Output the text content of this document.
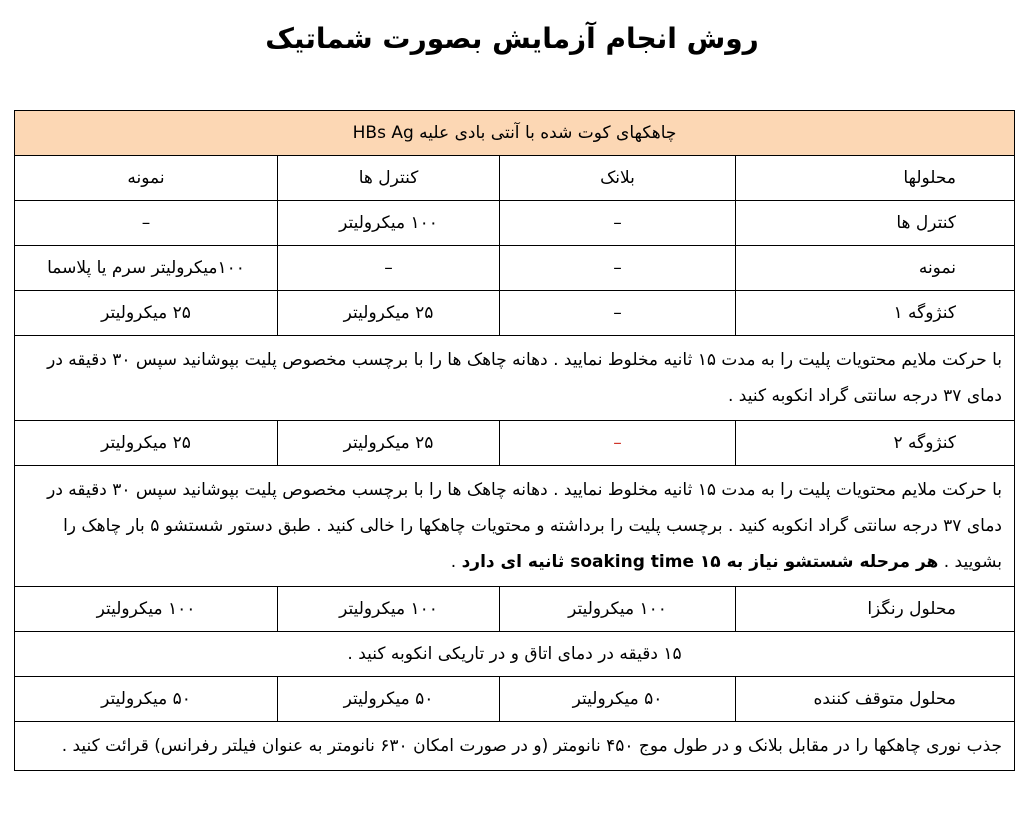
روش انجام آزمایش بصورت شماتیک
چاهکهای کوت شده با آنتی بادی علیه HBs Ag			
محلولها	بلانک	کنترل ها	نمونه
کنترل ها	–	۱۰۰ میکرولیتر	–
نمونه	–	–	۱۰۰میکرولیتر سرم یا پلاسما
کنژوگه ۱	–	۲۵ میکرولیتر	۲۵ میکرولیتر
با حرکت ملایم محتویات پلیت را به مدت ۱۵ ثانیه مخلوط نمایید . دهانه چاهک ها را با برچسب مخصوص پلیت بپوشانید سپس ۳۰ دقیقه در دمای ۳۷ درجه سانتی گراد انکوبه کنید .			
کنژوگه ۲	–	۲۵ میکرولیتر	۲۵ میکرولیتر
با حرکت ملایم محتویات پلیت را به مدت ۱۵ ثانیه مخلوط نمایید . دهانه چاهک ها را با برچسب مخصوص پلیت بپوشانید سپس ۳۰ دقیقه در دمای ۳۷ درجه سانتی گراد انکوبه کنید . برچسب پلیت را برداشته و محتویات چاهکها را خالی کنید . طبق دستور شستشو ۵ بار چاهک را بشویید . هر مرحله شستشو نیاز به soaking time ۱۵ ثانیه ای دارد .			
محلول رنگزا	۱۰۰ میکرولیتر	۱۰۰ میکرولیتر	۱۰۰ میکرولیتر
۱۵ دقیقه در دمای اتاق و در تاریکی انکوبه کنید .			
محلول متوقف کننده	۵۰ میکرولیتر	۵۰ میکرولیتر	۵۰ میکرولیتر
جذب نوری چاهکها را در مقابل بلانک و در طول موج ۴۵۰ نانومتر (و در صورت امکان ۶۳۰ نانومتر به عنوان فیلتر رفرانس) قرائت کنید .			
